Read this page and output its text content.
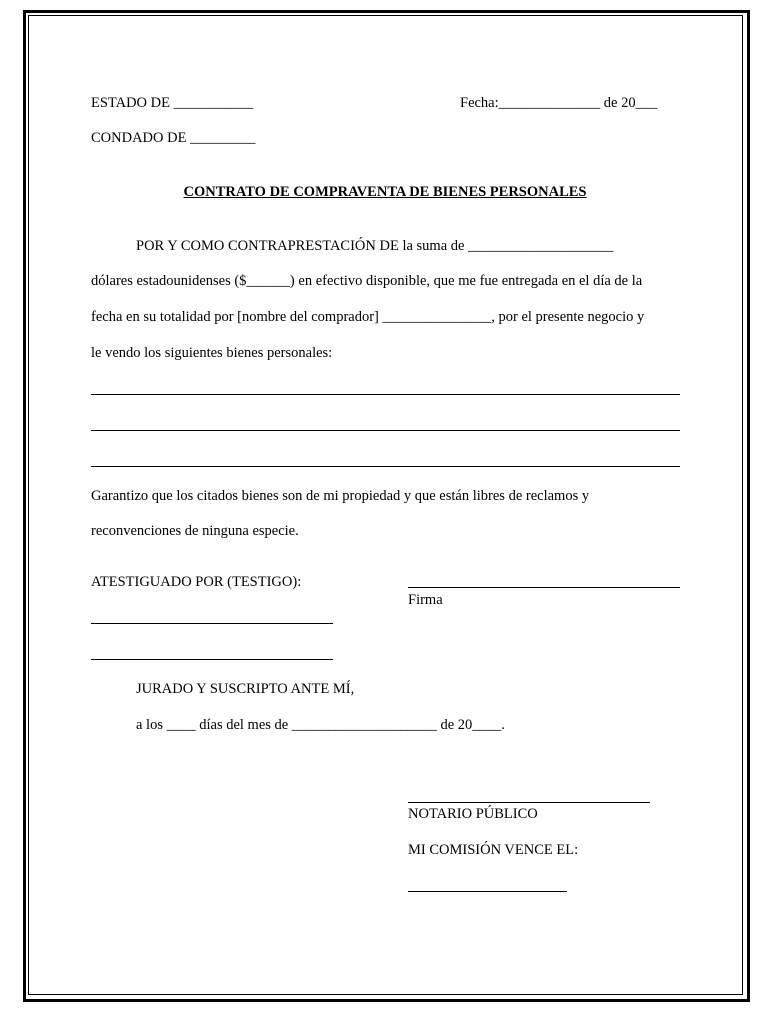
ESTADO DE ___________	Fecha:______________ de 20___
CONDADO DE _________
CONTRATO DE COMPRAVENTA DE BIENES PERSONALES
POR Y COMO CONTRAPRESTACIÓN DE la suma de ____________________
dólares estadounidenses ($______) en efectivo disponible, que me fue entregada en el día de la
fecha en su totalidad por [nombre del comprador] _______________, por el presente negocio y
le vendo los siguientes bienes personales:
Garantizo que los citados bienes son de mi propiedad y que están libres de reclamos y
reconvenciones de ninguna especie.
ATESTIGUADO POR (TESTIGO):
Firma
JURADO Y SUSCRIPTO ANTE MÍ,
a los ____ días del mes de ____________________ de 20____.
NOTARIO PÚBLICO
MI COMISIÓN VENCE EL:
